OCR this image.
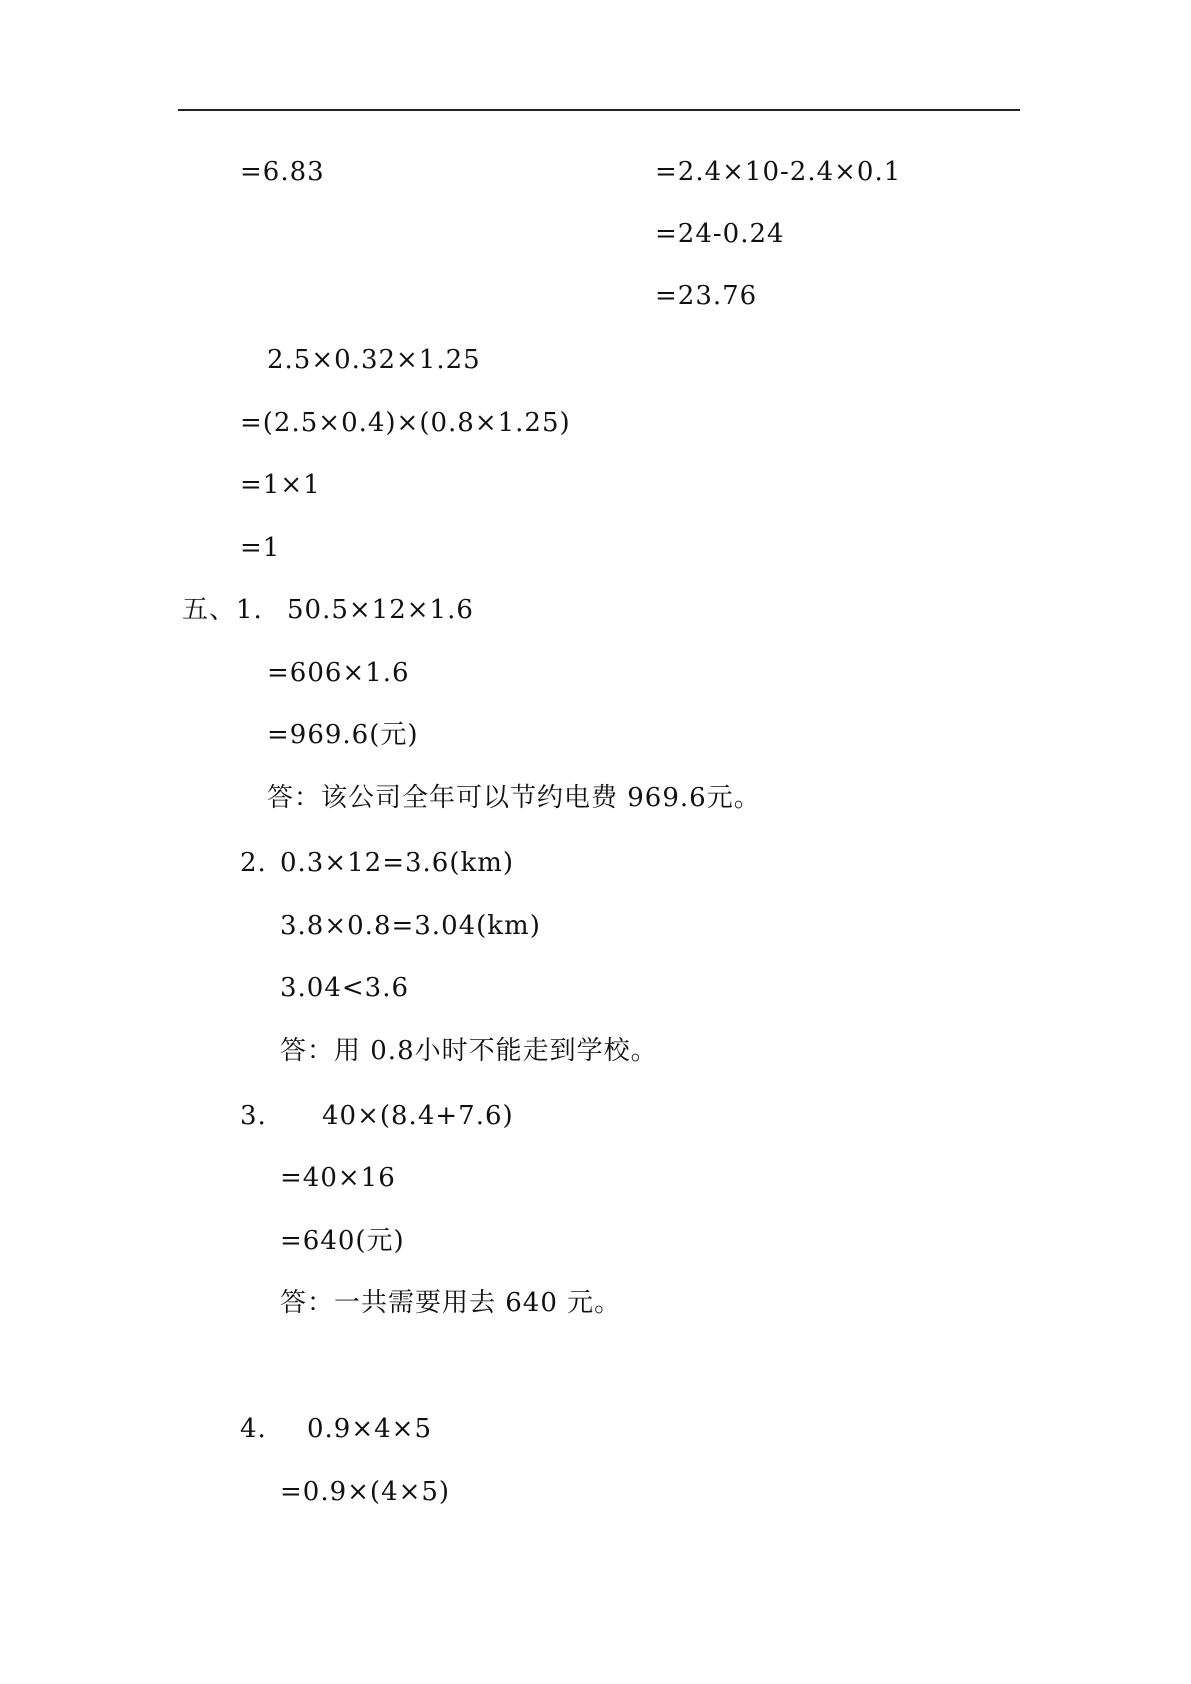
=6.83	=2.4×10-2.4×0.1
=24-0.24
=23.76
2.5×0.32×1.25
=(2.5×0.4)×(0.8×1.25)
=1×1
=1
五、1. 50.5×12×1.6
=606×1.6
=969.6(元)
答：该公司全年可以节约电费 969.6元。
2. 0.3×12=3.6(km)
3.8×0.8=3.04(km)
3.04<3.6
答：用 0.8小时不能走到学校。
3. 40×(8.4+7.6)
=40×16
=640(元)
答：一共需要用去 640 元。
4. 0.9×4×5
=0.9×(4×5)
